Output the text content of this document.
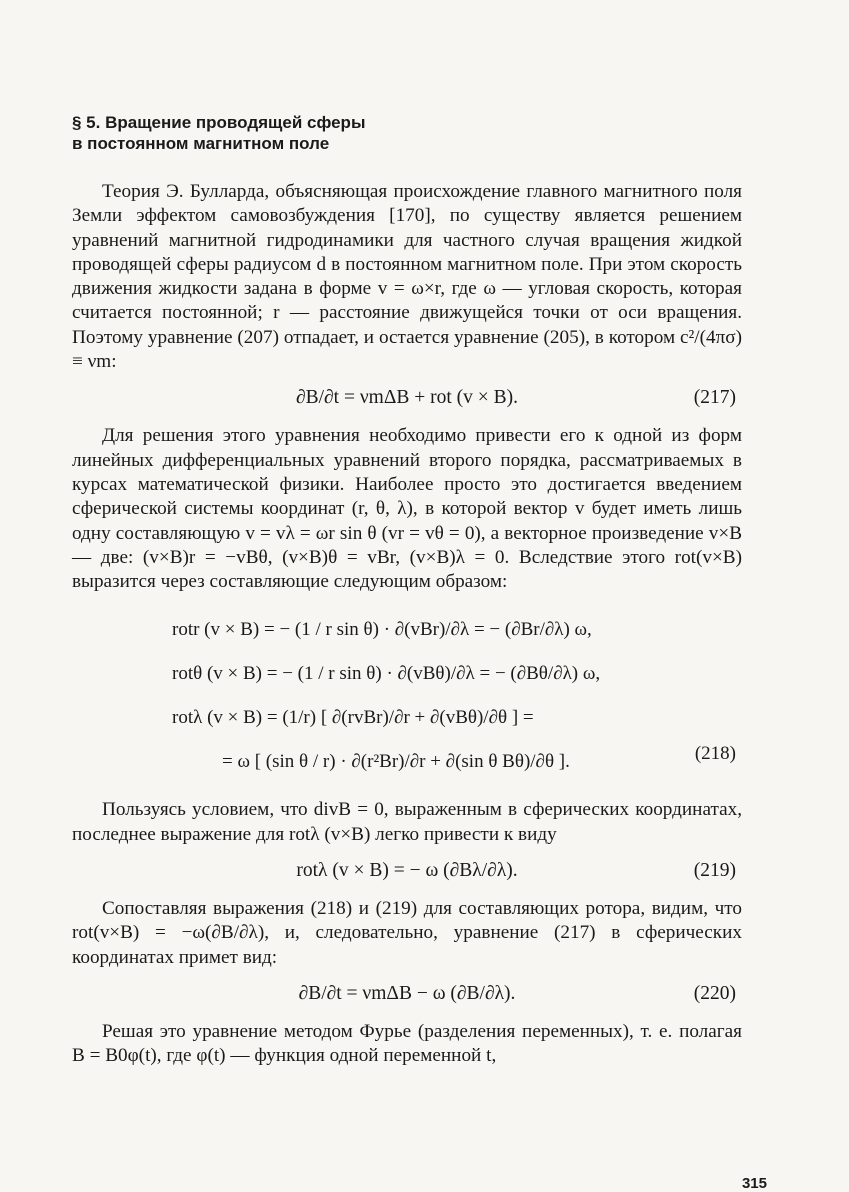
§ 5. Вращение проводящей сферы
в постоянном магнитном поле

Теория Э. Булларда, объясняющая происхождение главного магнитного поля Земли эффектом самовозбуждения [170], по существу является решением уравнений магнитной гидродинамики для частного случая вращения жидкой проводящей сферы радиусом d в постоянном магнитном поле. При этом скорость движения жидкости задана в форме v = ω×r, где ω — угловая скорость, которая считается постоянной; r — расстояние движущейся точки от оси вращения. Поэтому уравнение (207) отпадает, и остается уравнение (205), в котором c²/(4πσ) ≡ νm:

∂B/∂t = νmΔB + rot (v × B).	(217)

Для решения этого уравнения необходимо привести его к одной из форм линейных дифференциальных уравнений второго порядка, рассматриваемых в курсах математической физики. Наиболее просто это достигается введением сферической системы координат (r, θ, λ), в которой вектор v будет иметь лишь одну составляющую v = vλ = ωr sin θ (vr = vθ = 0), а векторное произведение v×B — две: (v×B)r = −vBθ, (v×B)θ = vBr, (v×B)λ = 0. Вследствие этого rot(v×B) выразится через составляющие следующим образом:

rotr (v × B) = − (1 / r sin θ) · ∂(vBr)/∂λ = − (∂Br/∂λ) ω,
rotθ (v × B) = − (1 / r sin θ) · ∂(vBθ)/∂λ = − (∂Bθ/∂λ) ω,
rotλ (v × B) = (1/r) [ ∂(rvBr)/∂r + ∂(vBθ)/∂θ ] =
= ω [ (sin θ / r) · ∂(r²Br)/∂r + ∂(sin θ Bθ)/∂θ ].	(218)

Пользуясь условием, что divB = 0, выраженным в сферических координатах, последнее выражение для rotλ (v×B) легко привести к виду

rotλ (v × B) = − ω (∂Bλ/∂λ).	(219)

Сопоставляя выражения (218) и (219) для составляющих ротора, видим, что rot(v×B) = −ω(∂B/∂λ), и, следовательно, уравнение (217) в сферических координатах примет вид:

∂B/∂t = νmΔB − ω (∂B/∂λ).	(220)

Решая это уравнение методом Фурье (разделения переменных), т. е. полагая B = B0φ(t), где φ(t) — функция одной переменной t,

315
